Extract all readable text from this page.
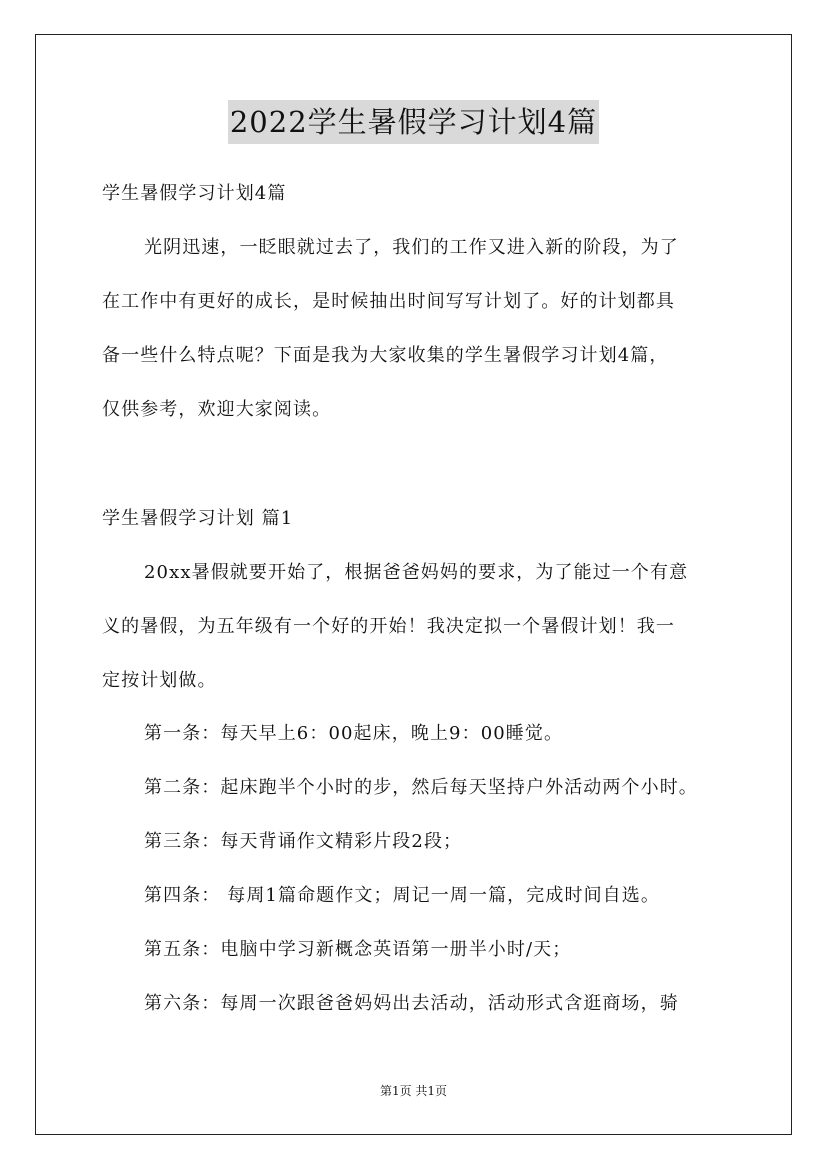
2022学生暑假学习计划4篇
学生暑假学习计划4篇
光阴迅速，一眨眼就过去了，我们的工作又进入新的阶段，为了
在工作中有更好的成长，是时候抽出时间写写计划了。好的计划都具
备一些什么特点呢？下面是我为大家收集的学生暑假学习计划4篇，
仅供参考，欢迎大家阅读。
学生暑假学习计划 篇1
20xx暑假就要开始了，根据爸爸妈妈的要求，为了能过一个有意
义的暑假，为五年级有一个好的开始！我决定拟一个暑假计划！我一
定按计划做。
第一条：每天早上6：00起床，晚上9：00睡觉。
第二条：起床跑半个小时的步，然后每天坚持户外活动两个小时。
第三条：每天背诵作文精彩片段2段；
第四条： 每周1篇命题作文；周记一周一篇，完成时间自选。
第五条：电脑中学习新概念英语第一册半小时/天；
第六条：每周一次跟爸爸妈妈出去活动，活动形式含逛商场，骑
第1页 共1页
